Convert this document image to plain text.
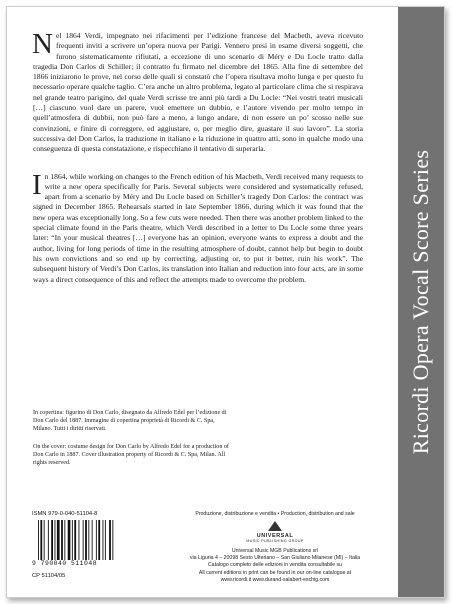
Nel 1864 Verdi, impegnato nei rifacimenti per l’edizione francese del Macbeth, aveva ricevuto frequenti inviti a scrivere un’opera nuova per Parigi. Vennero presi in esame diversi soggetti, che furono sistematicamente rifiutati, a eccezione di uno scenario di Méry e Du Locle tratto dalla tragedia Don Carlos di Schiller; il contratto fu firmato nel dicembre del 1865. Alla fine di settembre del 1866 iniziarono le prove, nel corso delle quali si constatò che l’opera risultava molto lunga e per questo fu necessario operare qualche taglio. C’era anche un altro problema, legato al particolare clima che si respirava nel grande teatro parigino, del quale Verdi scrisse tre anni più tardi a Du Locle: “Nei vostri teatri musicali […] ciascuno vuol dare un parere, vuol emettere un dubbio, e l’autore vivendo per molto tempo in quell’atmosfera di dubbii, non può fare a meno, a lungo andare, di non essere un po’ scosso nelle sue convinzioni, e finire di correggere, ed aggiustare, o, per meglio dire, guastare il suo lavoro”. La storia successiva del Don Carlos, la traduzione in italiano e la riduzione in quattro atti, sono in qualche modo una conseguenza di questa constatazione, e rispecchiano il tentativo di superarla.

In 1864, while working on changes to the French edition of his Macbeth, Verdi received many requests to write a new opera specifically for Paris. Several subjects were considered and systematically refused, apart from a scenario by Méry and Du Locle based on Schiller’s tragedy Don Carlos: the contract was signed in December 1865. Rehearsals started in late September 1866, during which it was found that the new opera was exceptionally long. So a few cuts were needed. Then there was another problem linked to the special climate found in the Paris theatre, which Verdi described in a letter to Du Locle some three years later: “In your musical theatres […] everyone has an opinion, everyone wants to express a doubt and the author, living for long periods of time in the resulting atmosphere of doubt, cannot help but begin to doubt his own convictions and so end up by correcting, adjusting or, to put it better, ruin his work”. The subsequent history of Verdi’s Don Carlos, its translation into Italian and reduction into four acts, are in some ways a direct consequence of this and reflect the attempts made to overcome the problem.

In copertina: figurino di Don Carlo, disegnato da Alfredo Edel per l’edizione di Don Carlo del 1887. Immagine di copertina proprietà di Ricordi & C. Spa, Milano. Tutti i diritti riservati.

On the cover: costume design for Don Carlo by Alfredo Edel for a production of Don Carlo in 1887. Cover illustration property of Ricordi & C. Spa, Milan. All rights reserved.

ISMN 979-0-040-51104-8
9 790040 511048
CP 51104/05

Produzione, distribuzione e vendita • Production, distribution and sale

UNIVERSAL
MUSIC PUBLISHING GROUP

Universal Music MGB Publications srl

via Liguria 4 – 20098 Sesto Ulteriano – San Giuliano Milanese (MI) – Italia

Catalogo completo delle edizioni in vendita consultabile su

All current editions in print can be found in our on-line catalogue at

www.ricordi.it www.durand-salabert-eschig.com

Ricordi Opera Vocal Score Series
